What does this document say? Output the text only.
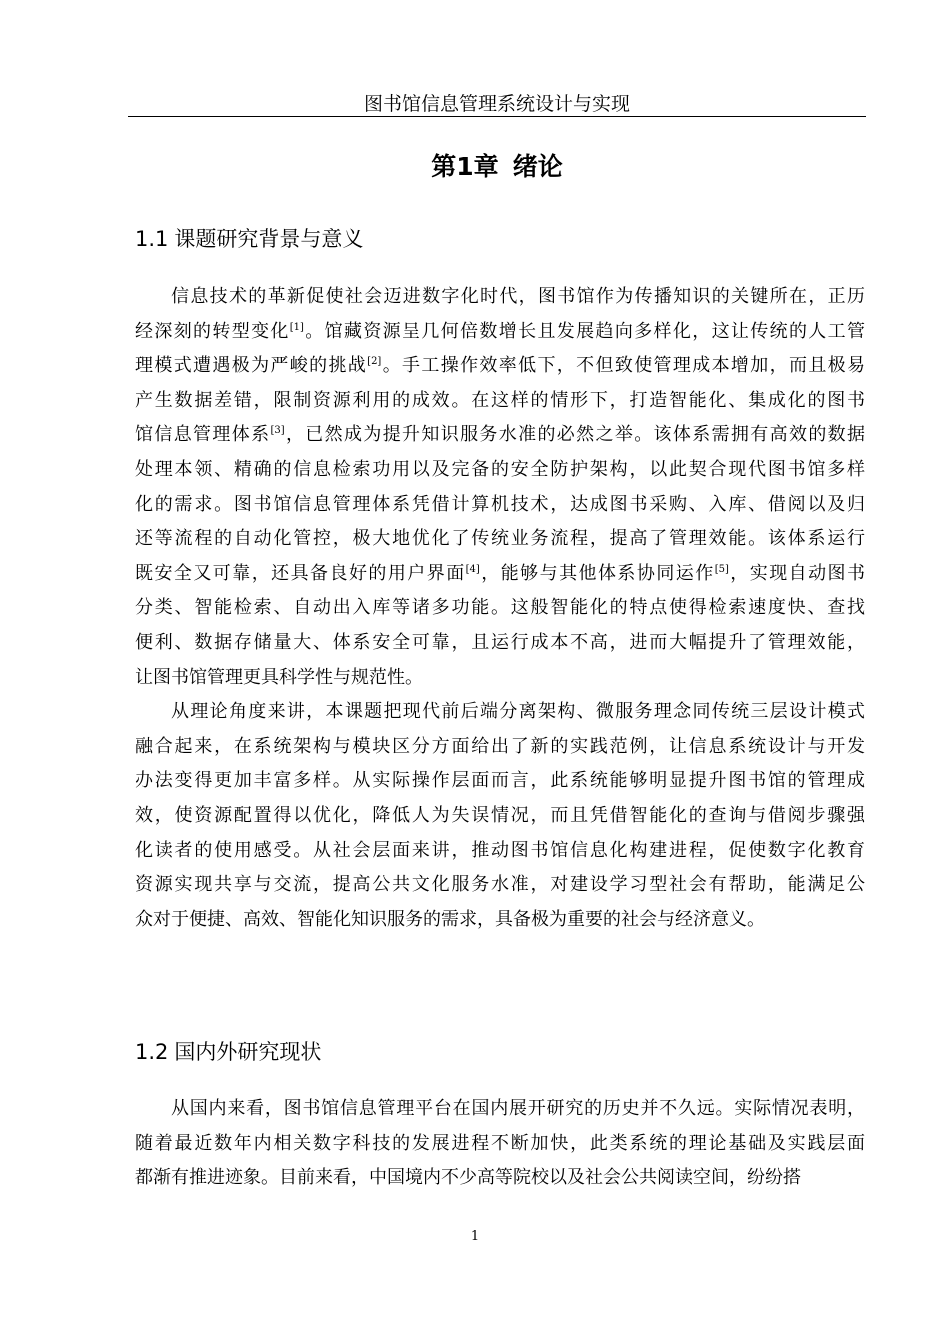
图书馆信息管理系统设计与实现
第1章 绪论
1.1 课题研究背景与意义
信息技术的革新促使社会迈进数字化时代，图书馆作为传播知识的关键所在，正历
经深刻的转型变化[1]。馆藏资源呈几何倍数增长且发展趋向多样化，这让传统的人工管
理模式遭遇极为严峻的挑战[2]。手工操作效率低下，不但致使管理成本增加，而且极易
产生数据差错，限制资源利用的成效。在这样的情形下，打造智能化、集成化的图书
馆信息管理体系[3]，已然成为提升知识服务水准的必然之举。该体系需拥有高效的数据
处理本领、精确的信息检索功用以及完备的安全防护架构，以此契合现代图书馆多样
化的需求。图书馆信息管理体系凭借计算机技术，达成图书采购、入库、借阅以及归
还等流程的自动化管控，极大地优化了传统业务流程，提高了管理效能。该体系运行
既安全又可靠，还具备良好的用户界面[4]，能够与其他体系协同运作[5]，实现自动图书
分类、智能检索、自动出入库等诸多功能。这般智能化的特点使得检索速度快、查找
便利、数据存储量大、体系安全可靠，且运行成本不高，进而大幅提升了管理效能，
让图书馆管理更具科学性与规范性。
从理论角度来讲，本课题把现代前后端分离架构、微服务理念同传统三层设计模式
融合起来，在系统架构与模块区分方面给出了新的实践范例，让信息系统设计与开发
办法变得更加丰富多样。从实际操作层面而言，此系统能够明显提升图书馆的管理成
效，使资源配置得以优化，降低人为失误情况，而且凭借智能化的查询与借阅步骤强
化读者的使用感受。从社会层面来讲，推动图书馆信息化构建进程，促使数字化教育
资源实现共享与交流，提高公共文化服务水准，对建设学习型社会有帮助，能满足公
众对于便捷、高效、智能化知识服务的需求，具备极为重要的社会与经济意义。
1.2 国内外研究现状
从国内来看，图书馆信息管理平台在国内展开研究的历史并不久远。实际情况表明，
随着最近数年内相关数字科技的发展进程不断加快，此类系统的理论基础及实践层面
都渐有推进迹象。目前来看，中国境内不少高等院校以及社会公共阅读空间，纷纷搭
1
